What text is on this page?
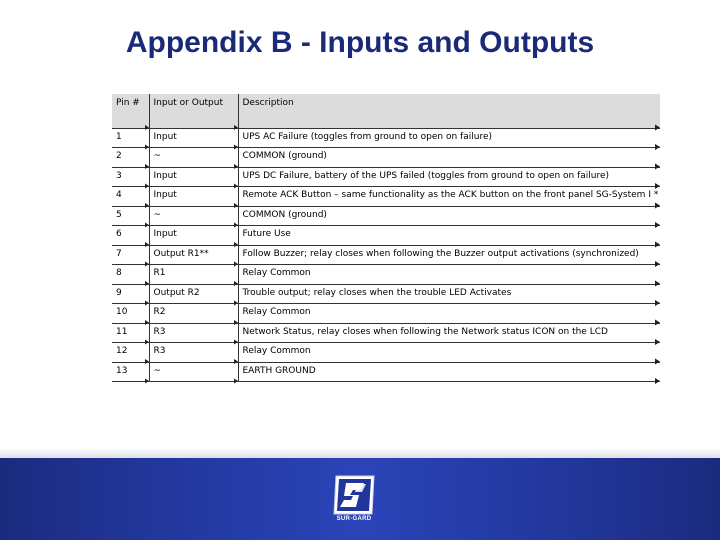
Appendix B - Inputs and Outputs
Pin #	Input or Output	Description
1	Input	UPS AC Failure (toggles from ground to open on failure)
2	~	COMMON (ground)
3	Input	UPS DC Failure, battery of the UPS failed (toggles from ground to open on failure)
4	Input	Remote ACK Button – same functionality as the ACK button on the front panel SG-System I *
5	~	COMMON (ground)
6	Input	Future Use
7	Output R1**	Follow Buzzer; relay closes when following the Buzzer output activations (synchronized)
8	R1	Relay Common
9	Output R2	Trouble output; relay closes when the trouble LED Activates
10	R2	Relay Common
11	R3	Network Status, relay closes when following the Network status ICON on the LCD
12	R3	Relay Common
13	~	EARTH GROUND
SUR-GARD
